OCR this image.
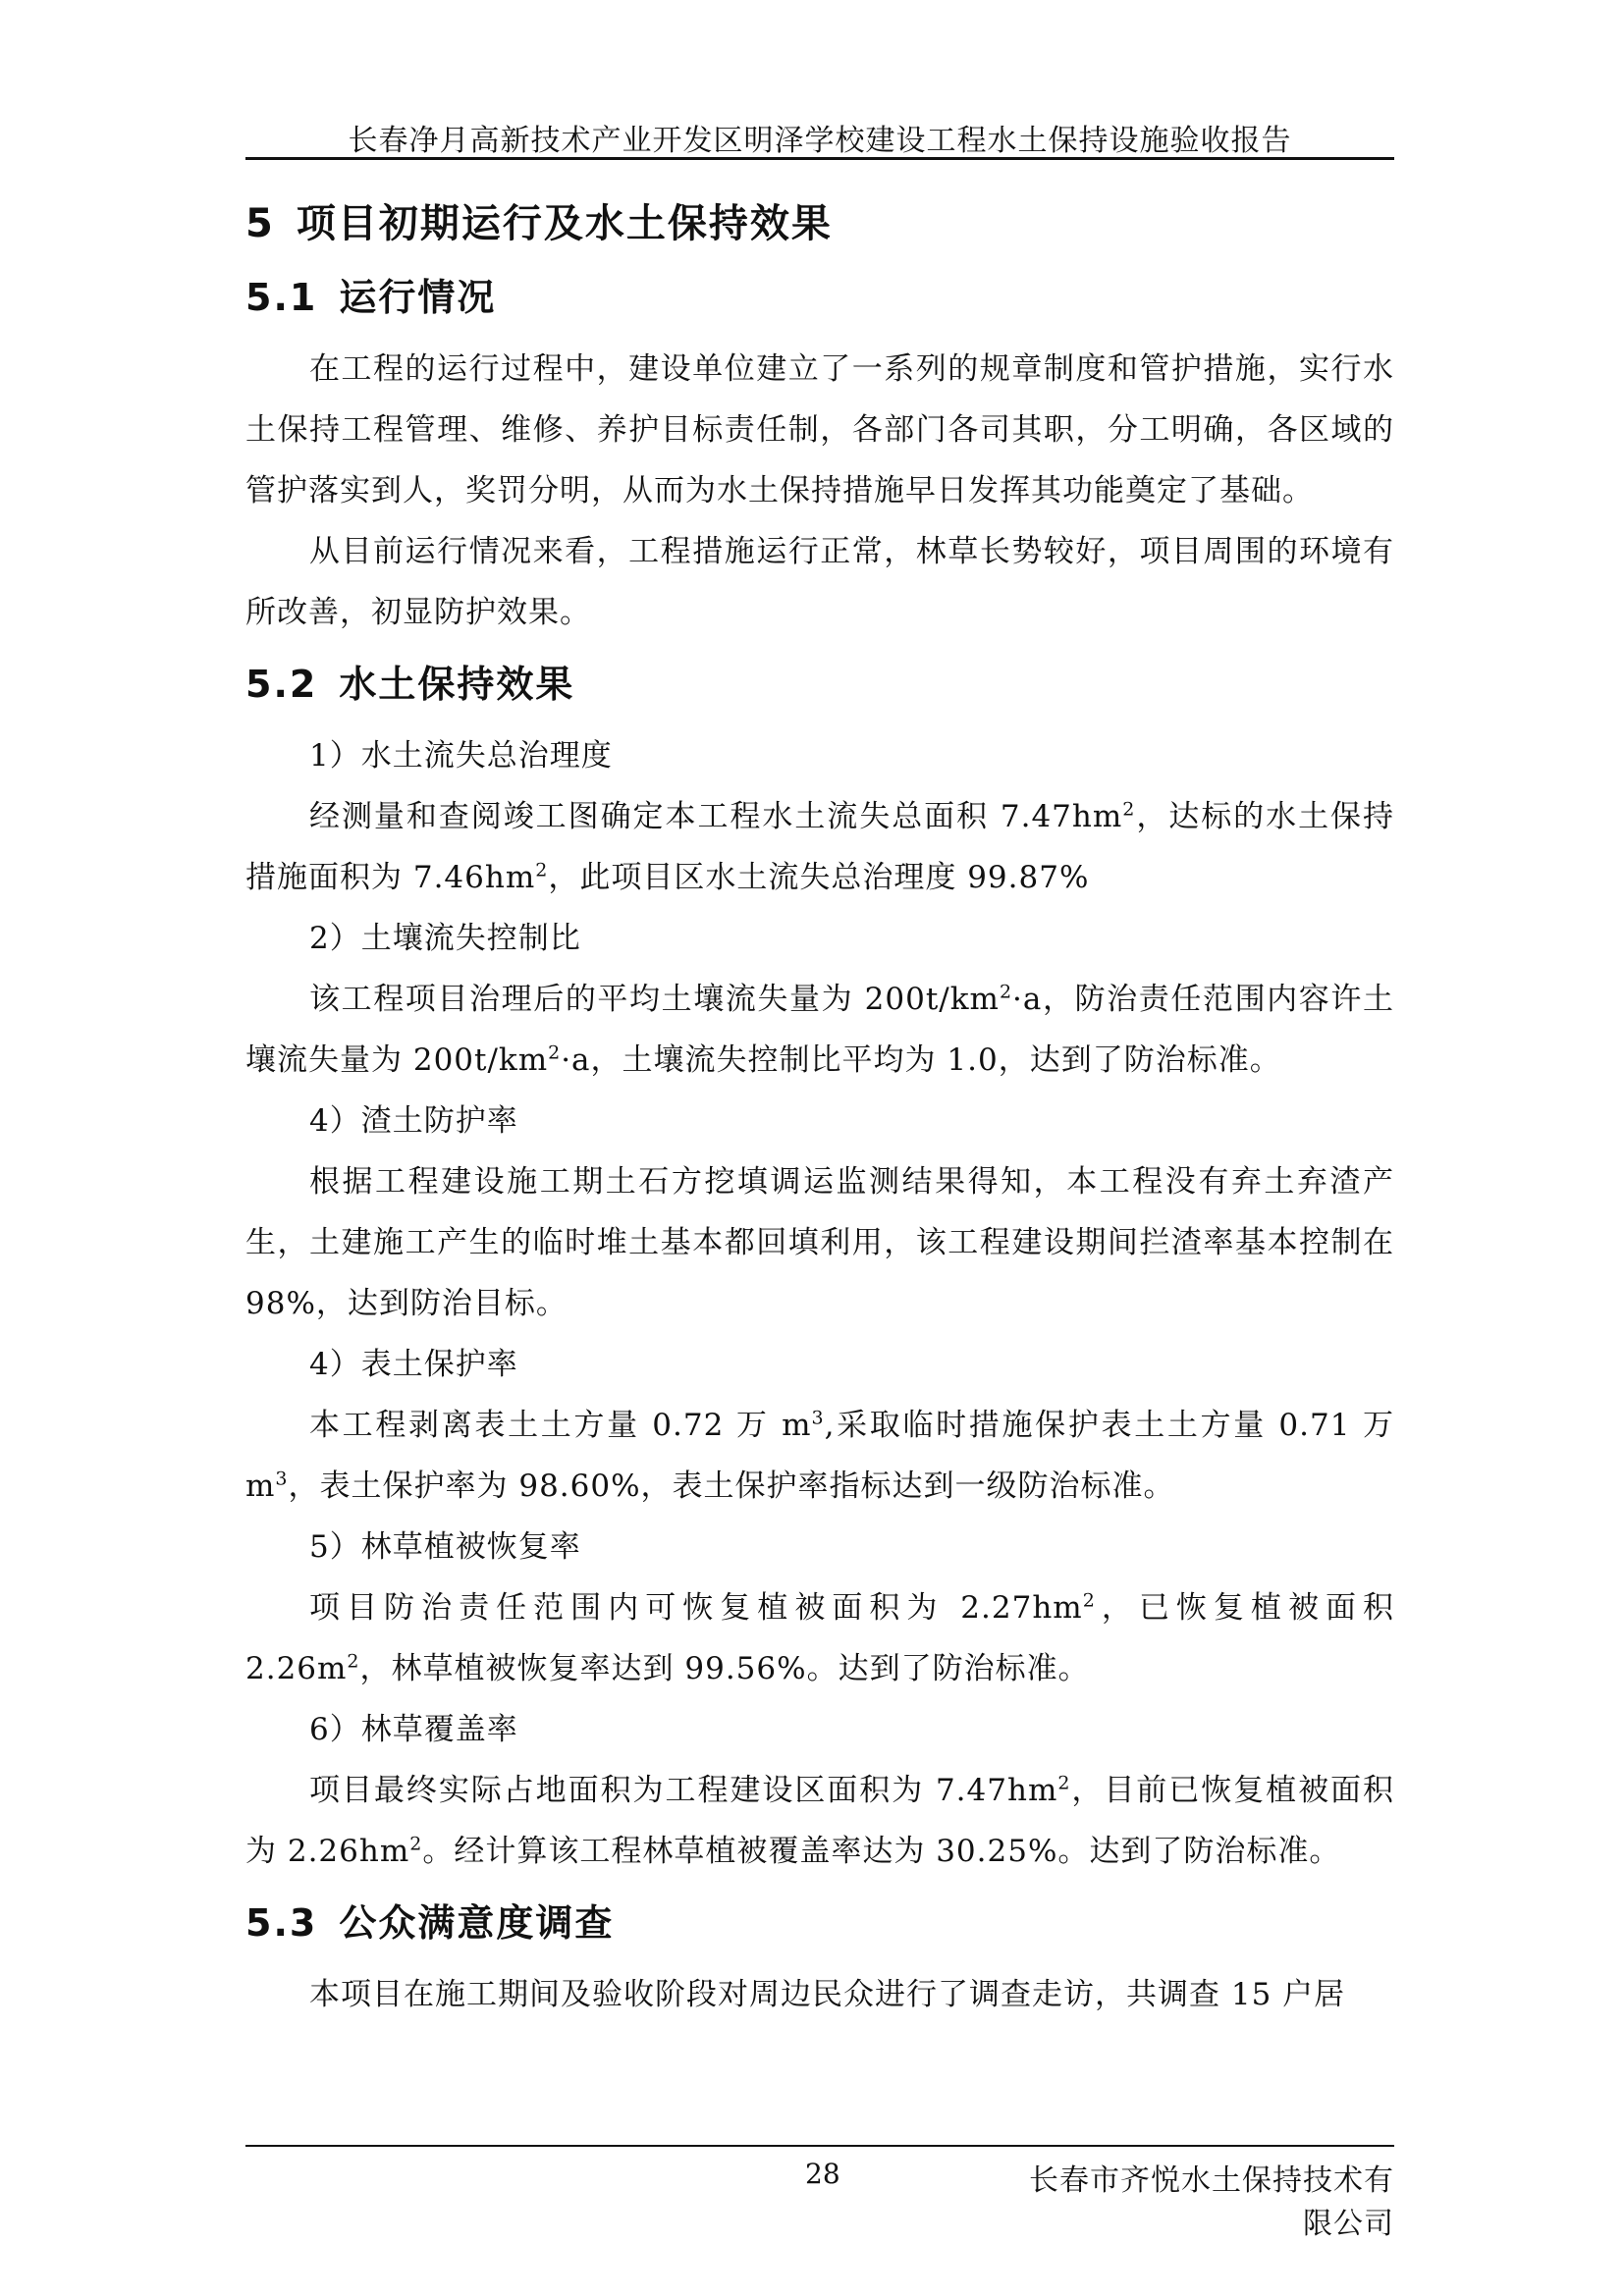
长春净月高新技术产业开发区明泽学校建设工程水土保持设施验收报告
5 项目初期运行及水土保持效果
5.1 运行情况

在工程的运行过程中，建设单位建立了一系列的规章制度和管护措施，实行水土保持工程管理、维修、养护目标责任制，各部门各司其职，分工明确，各区域的管护落实到人，奖罚分明，从而为水土保持措施早日发挥其功能奠定了基础。

从目前运行情况来看，工程措施运行正常，林草长势较好，项目周围的环境有所改善，初显防护效果。

5.2 水土保持效果

1）水土流失总治理度

经测量和查阅竣工图确定本工程水土流失总面积 $7.47hm^2$，达标的水土保持措施面积为 $7.46hm^2$，此项目区水土流失总治理度 99.87%

2）土壤流失控制比

该工程项目治理后的平均土壤流失量为 $200t/km^2\cdot a$，防治责任范围内容许土壤流失量为 $200t/km^2\cdot a$，土壤流失控制比平均为 1.0，达到了防治标准。

4）渣土防护率

根据工程建设施工期土石方挖填调运监测结果得知，本工程没有弃土弃渣产生，土建施工产生的临时堆土基本都回填利用，该工程建设期间拦渣率基本控制在 98%，达到防治目标。

4）表土保护率

本工程剥离表土土方量 0.72 万 $m^3$,采取临时措施保护表土土方量 0.71 万 $m^3$，表土保护率为 98.60%，表土保护率指标达到一级防治标准。

5）林草植被恢复率

项目防治责任范围内可恢复植被面积为 $2.27hm^2$，已恢复植被面积 $2.26m^2$，林草植被恢复率达到 99.56%。达到了防治标准。

6）林草覆盖率

项目最终实际占地面积为工程建设区面积为 $7.47hm^2$，目前已恢复植被面积为 $2.26hm^2$。经计算该工程林草植被覆盖率达为 30.25%。达到了防治标准。

5.3 公众满意度调查

本项目在施工期间及验收阶段对周边民众进行了调查走访，共调查 15 户居

28	长春市齐悦水土保持技术有限公司
